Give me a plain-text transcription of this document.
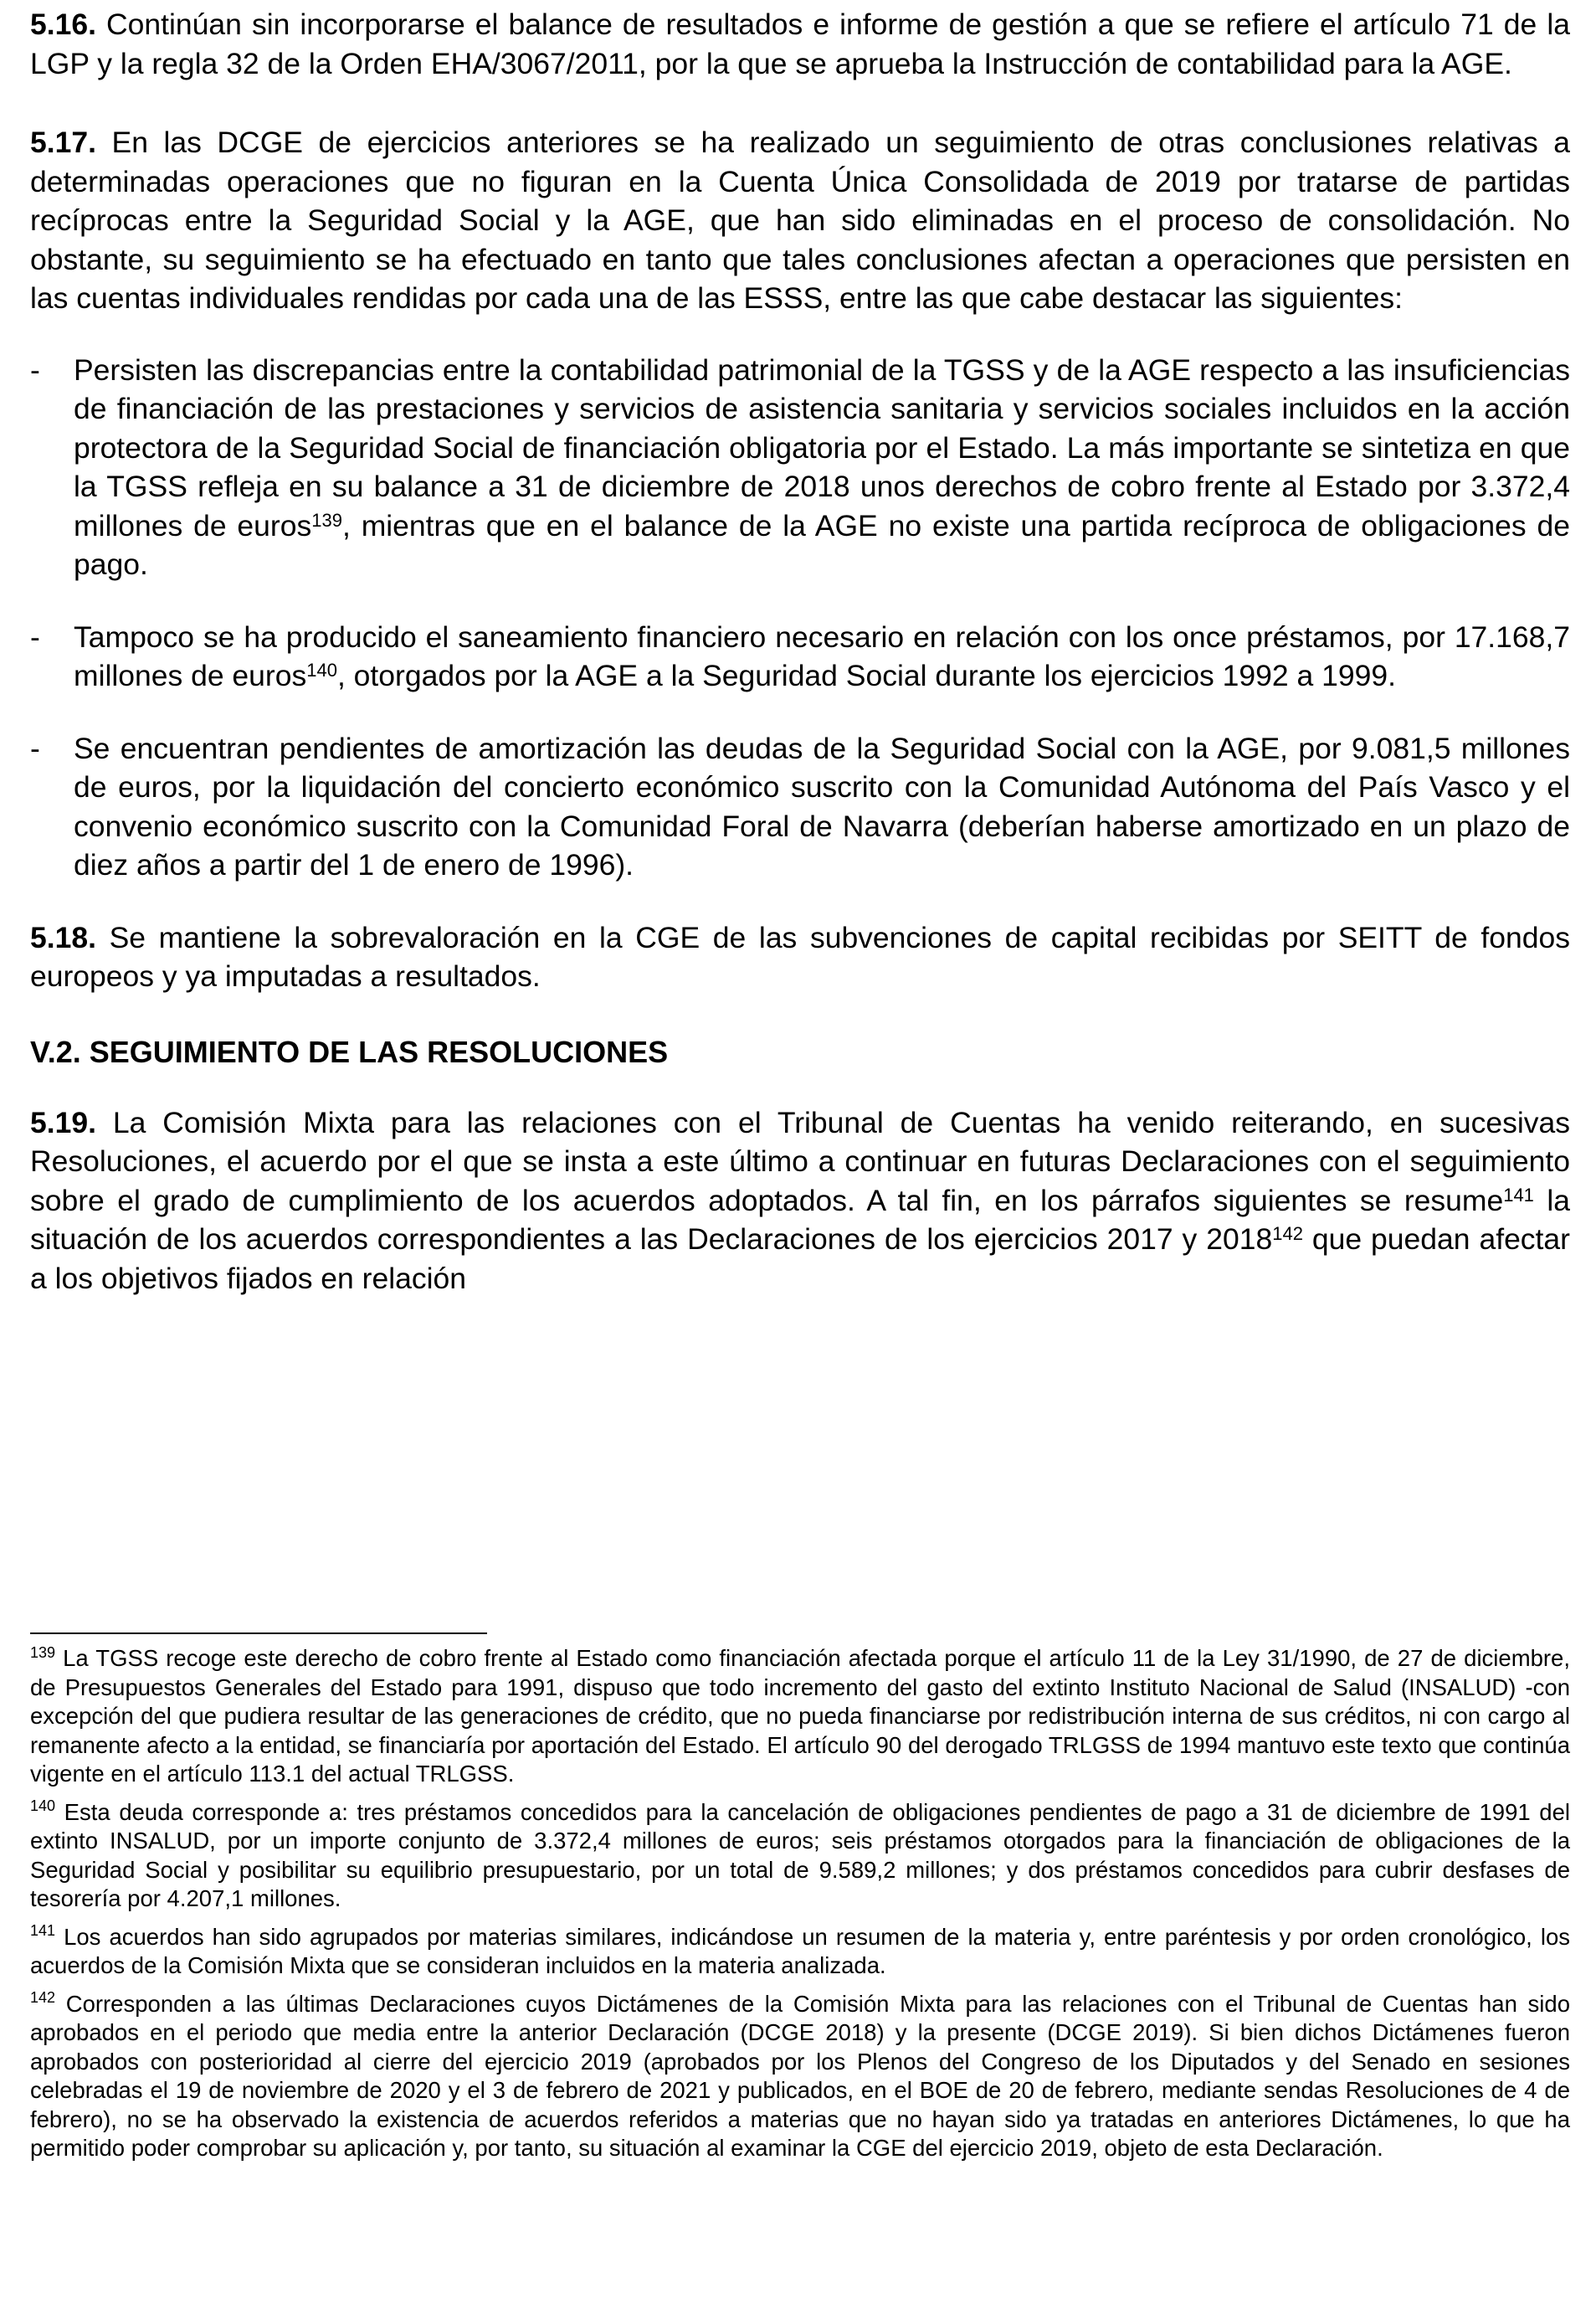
5.16. Continúan sin incorporarse el balance de resultados e informe de gestión a que se refiere el artículo 71 de la LGP y la regla 32 de la Orden EHA/3067/2011, por la que se aprueba la Instrucción de contabilidad para la AGE.

5.17. En las DCGE de ejercicios anteriores se ha realizado un seguimiento de otras conclusiones relativas a determinadas operaciones que no figuran en la Cuenta Única Consolidada de 2019 por tratarse de partidas recíprocas entre la Seguridad Social y la AGE, que han sido eliminadas en el proceso de consolidación. No obstante, su seguimiento se ha efectuado en tanto que tales conclusiones afectan a operaciones que persisten en las cuentas individuales rendidas por cada una de las ESSS, entre las que cabe destacar las siguientes:

- Persisten las discrepancias entre la contabilidad patrimonial de la TGSS y de la AGE respecto a las insuficiencias de financiación de las prestaciones y servicios de asistencia sanitaria y servicios sociales incluidos en la acción protectora de la Seguridad Social de financiación obligatoria por el Estado. La más importante se sintetiza en que la TGSS refleja en su balance a 31 de diciembre de 2018 unos derechos de cobro frente al Estado por 3.372,4 millones de euros$^{139}$, mientras que en el balance de la AGE no existe una partida recíproca de obligaciones de pago.

- Tampoco se ha producido el saneamiento financiero necesario en relación con los once préstamos, por 17.168,7 millones de euros$^{140}$, otorgados por la AGE a la Seguridad Social durante los ejercicios 1992 a 1999.

- Se encuentran pendientes de amortización las deudas de la Seguridad Social con la AGE, por 9.081,5 millones de euros, por la liquidación del concierto económico suscrito con la Comunidad Autónoma del País Vasco y el convenio económico suscrito con la Comunidad Foral de Navarra (deberían haberse amortizado en un plazo de diez años a partir del 1 de enero de 1996).

5.18. Se mantiene la sobrevaloración en la CGE de las subvenciones de capital recibidas por SEITT de fondos europeos y ya imputadas a resultados.

V.2. SEGUIMIENTO DE LAS RESOLUCIONES

5.19. La Comisión Mixta para las relaciones con el Tribunal de Cuentas ha venido reiterando, en sucesivas Resoluciones, el acuerdo por el que se insta a este último a continuar en futuras Declaraciones con el seguimiento sobre el grado de cumplimiento de los acuerdos adoptados. A tal fin, en los párrafos siguientes se resume$^{141}$ la situación de los acuerdos correspondientes a las Declaraciones de los ejercicios 2017 y 2018$^{142}$ que puedan afectar a los objetivos fijados en relación

$^{139}$ La TGSS recoge este derecho de cobro frente al Estado como financiación afectada porque el artículo 11 de la Ley 31/1990, de 27 de diciembre, de Presupuestos Generales del Estado para 1991, dispuso que todo incremento del gasto del extinto Instituto Nacional de Salud (INSALUD) -con excepción del que pudiera resultar de las generaciones de crédito, que no pueda financiarse por redistribución interna de sus créditos, ni con cargo al remanente afecto a la entidad, se financiaría por aportación del Estado. El artículo 90 del derogado TRLGSS de 1994 mantuvo este texto que continúa vigente en el artículo 113.1 del actual TRLGSS.

$^{140}$ Esta deuda corresponde a: tres préstamos concedidos para la cancelación de obligaciones pendientes de pago a 31 de diciembre de 1991 del extinto INSALUD, por un importe conjunto de 3.372,4 millones de euros; seis préstamos otorgados para la financiación de obligaciones de la Seguridad Social y posibilitar su equilibrio presupuestario, por un total de 9.589,2 millones; y dos préstamos concedidos para cubrir desfases de tesorería por 4.207,1 millones.

$^{141}$ Los acuerdos han sido agrupados por materias similares, indicándose un resumen de la materia y, entre paréntesis y por orden cronológico, los acuerdos de la Comisión Mixta que se consideran incluidos en la materia analizada.

$^{142}$ Corresponden a las últimas Declaraciones cuyos Dictámenes de la Comisión Mixta para las relaciones con el Tribunal de Cuentas han sido aprobados en el periodo que media entre la anterior Declaración (DCGE 2018) y la presente (DCGE 2019). Si bien dichos Dictámenes fueron aprobados con posterioridad al cierre del ejercicio 2019 (aprobados por los Plenos del Congreso de los Diputados y del Senado en sesiones celebradas el 19 de noviembre de 2020 y el 3 de febrero de 2021 y publicados, en el BOE de 20 de febrero, mediante sendas Resoluciones de 4 de febrero), no se ha observado la existencia de acuerdos referidos a materias que no hayan sido ya tratadas en anteriores Dictámenes, lo que ha permitido poder comprobar su aplicación y, por tanto, su situación al examinar la CGE del ejercicio 2019, objeto de esta Declaración.
